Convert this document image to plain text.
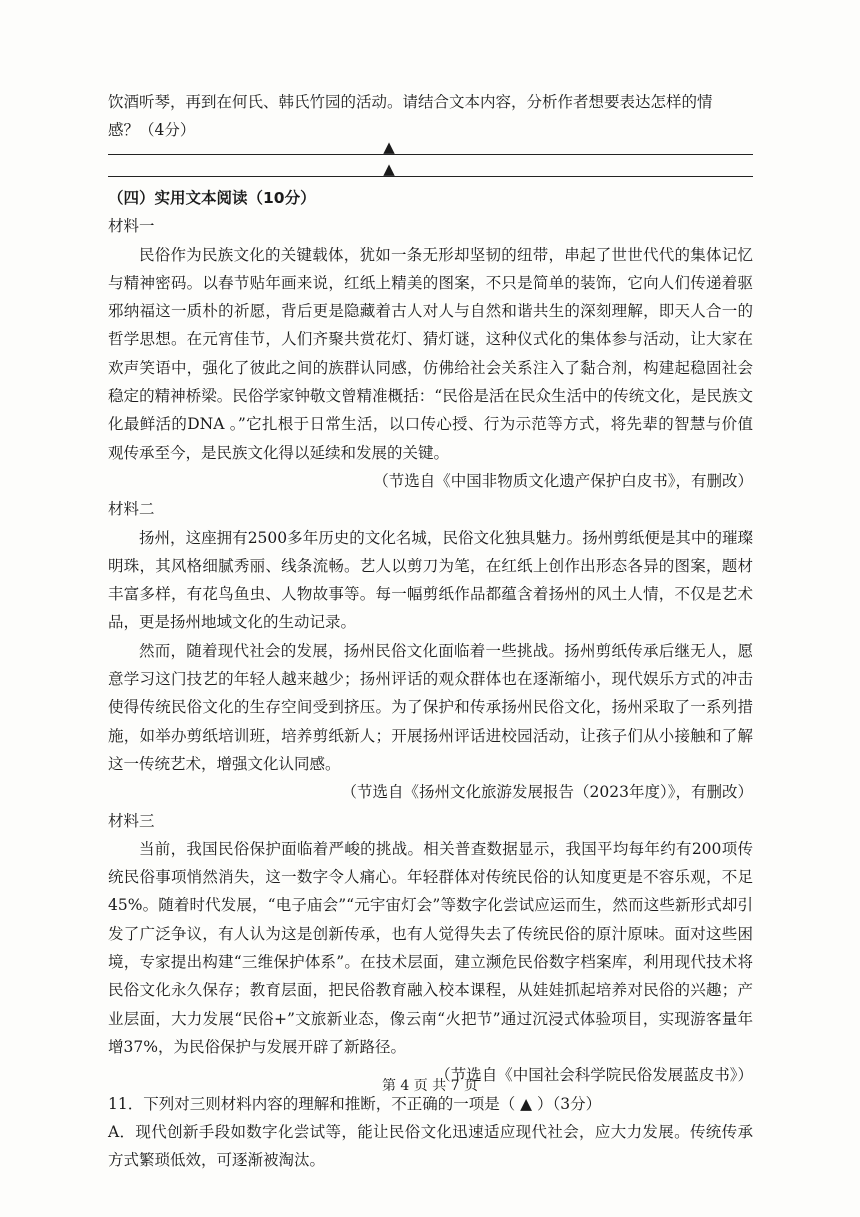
饮酒听琴，再到在何氏、韩氏竹园的活动。请结合文本内容，分析作者想要表达怎样的情

感？（4分）

▲
▲

（四）实用文本阅读（10分）

材料一

民俗作为民族文化的关键载体，犹如一条无形却坚韧的纽带，串起了世世代代的集体记忆与精神密码。以春节贴年画来说，红纸上精美的图案，不只是简单的装饰，它向人们传递着驱邪纳福这一质朴的祈愿，背后更是隐藏着古人对人与自然和谐共生的深刻理解，即天人合一的哲学思想。在元宵佳节，人们齐聚共赏花灯、猜灯谜，这种仪式化的集体参与活动，让大家在欢声笑语中，强化了彼此之间的族群认同感，仿佛给社会关系注入了黏合剂，构建起稳固社会稳定的精神桥梁。民俗学家钟敬文曾精准概括：“民俗是活在民众生活中的传统文化，是民族文化最鲜活的DNA 。”它扎根于日常生活，以口传心授、行为示范等方式，将先辈的智慧与价值观传承至今，是民族文化得以延续和发展的关键。

（节选自《中国非物质文化遗产保护白皮书》，有删改）

材料二

扬州，这座拥有2500多年历史的文化名城，民俗文化独具魅力。扬州剪纸便是其中的璀璨明珠，其风格细腻秀丽、线条流畅。艺人以剪刀为笔，在红纸上创作出形态各异的图案，题材丰富多样，有花鸟鱼虫、人物故事等。每一幅剪纸作品都蕴含着扬州的风土人情，不仅是艺术品，更是扬州地域文化的生动记录。

然而，随着现代社会的发展，扬州民俗文化面临着一些挑战。扬州剪纸传承后继无人，愿意学习这门技艺的年轻人越来越少；扬州评话的观众群体也在逐渐缩小，现代娱乐方式的冲击使得传统民俗文化的生存空间受到挤压。为了保护和传承扬州民俗文化，扬州采取了一系列措施，如举办剪纸培训班，培养剪纸新人；开展扬州评话进校园活动，让孩子们从小接触和了解这一传统艺术，增强文化认同感。

（节选自《扬州文化旅游发展报告（2023年度）》，有删改）

材料三

当前，我国民俗保护面临着严峻的挑战。相关普查数据显示，我国平均每年约有200项传统民俗事项悄然消失，这一数字令人痛心。年轻群体对传统民俗的认知度更是不容乐观，不足45%。随着时代发展，“电子庙会”“元宇宙灯会”等数字化尝试应运而生，然而这些新形式却引发了广泛争议，有人认为这是创新传承，也有人觉得失去了传统民俗的原汁原味。面对这些困境，专家提出构建“三维保护体系”。在技术层面，建立濒危民俗数字档案库，利用现代技术将民俗文化永久保存；教育层面，把民俗教育融入校本课程，从娃娃抓起培养对民俗的兴趣；产业层面，大力发展“民俗+”文旅新业态，像云南“火把节”通过沉浸式体验项目，实现游客量年增37%，为民俗保护与发展开辟了新路径。

（节选自《中国社会科学院民俗发展蓝皮书》）

11．下列对三则材料内容的理解和推断，不正确的一项是（ ▲ ）（3分）

A．现代创新手段如数字化尝试等，能让民俗文化迅速适应现代社会，应大力发展。传统传承方式繁琐低效，可逐渐被淘汰。

第 4 页 共 7 页
